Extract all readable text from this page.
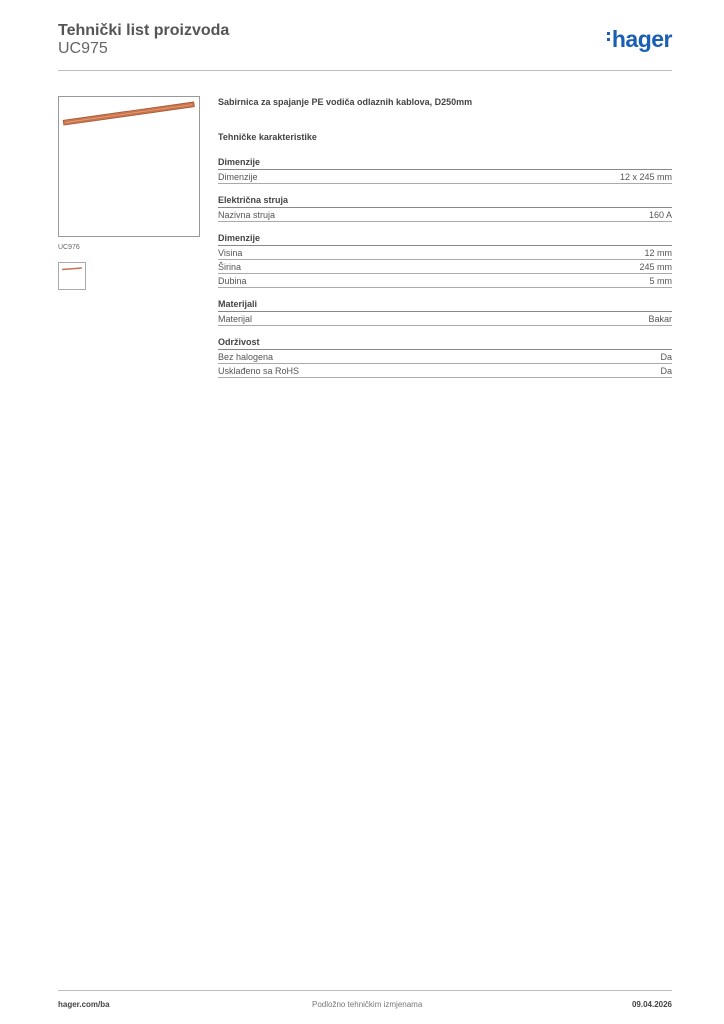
Tehnički list proizvoda
UC975	hager
UC976
Sabirnica za spajanje PE vodiča odlaznih kablova, D250mm
Tehničke karakteristike
Dimenzije
Dimenzije	12 x 245 mm
Električna struja
Nazivna struja	160 A
Dimenzije
Visina	12 mm
Širina	245 mm
Dubina	5 mm
Materijali
Materijal	Bakar
Održivost
Bez halogena	Da
Usklađeno sa RoHS	Da
hager.com/ba	Podložno tehničkim izmjenama	09.04.2026
